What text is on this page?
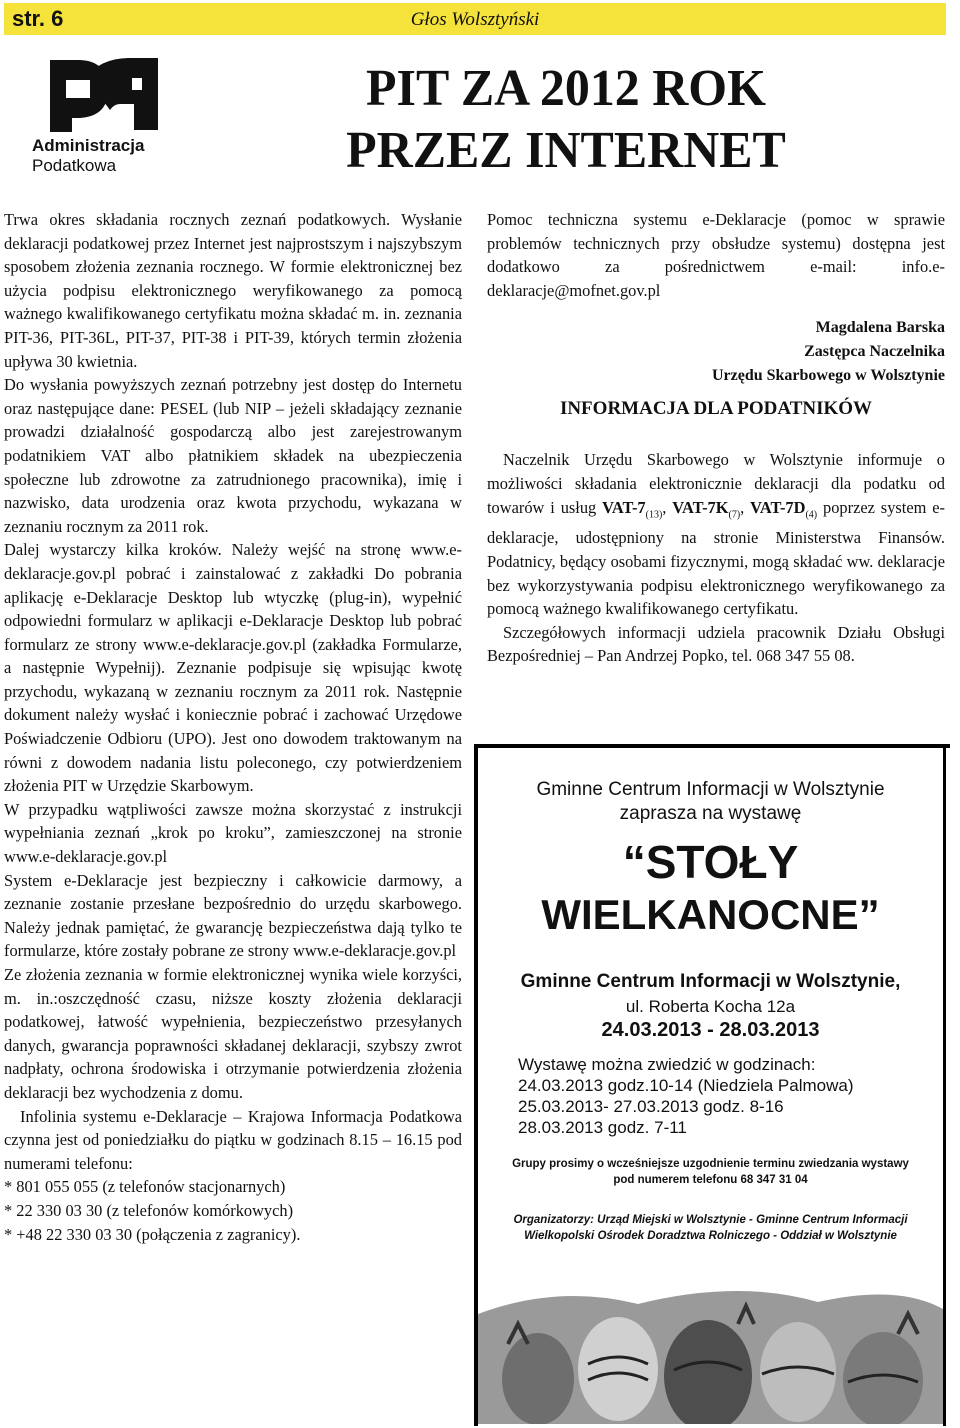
str. 6	Głos Wolsztyński
Administracja
Podatkowa
PIT ZA 2012 ROK
PRZEZ INTERNET

Trwa okres składania rocznych zeznań podatkowych. Wysłanie deklaracji podatkowej przez Internet jest najprostszym i najszybszym sposobem złożenia zeznania rocznego. W formie elektronicznej bez użycia podpisu elektronicznego weryfikowanego za pomocą ważnego kwalifikowanego certyfikatu można składać m. in. zeznania PIT-36, PIT-36L, PIT-37, PIT-38 i PIT-39, których termin złożenia upływa 30 kwietnia.

Do wysłania powyższych zeznań potrzebny jest dostęp do Internetu oraz następujące dane: PESEL (lub NIP – jeżeli składający zeznanie prowadzi działalność gospodarczą albo jest zarejestrowanym podatnikiem VAT albo płatnikiem składek na ubezpieczenia społeczne lub zdrowotne za zatrudnionego pracownika), imię i nazwisko, data urodzenia oraz kwota przychodu, wykazana w zeznaniu rocznym za 2011 rok.

Dalej wystarczy kilka kroków. Należy wejść na stronę www.e-deklaracje.gov.pl pobrać i zainstalować z zakładki Do pobrania aplikację e-Deklaracje Desktop lub wtyczkę (plug-in), wypełnić odpowiedni formularz w aplikacji e-Deklaracje Desktop lub pobrać formularz ze strony www.e-deklaracje.gov.pl (zakładka Formularze, a następnie Wypełnij). Zeznanie podpisuje się wpisując kwotę przychodu, wykazaną w zeznaniu rocznym za 2011 rok. Następnie dokument należy wysłać i koniecznie pobrać i zachować Urzędowe Poświadczenie Odbioru (UPO). Jest ono dowodem traktowanym na równi z dowodem nadania listu poleconego, czy potwierdzeniem złożenia PIT w Urzędzie Skarbowym.

W przypadku wątpliwości zawsze można skorzystać z instrukcji wypełniania zeznań „krok po kroku”, zamieszczonej na stronie www.e-deklaracje.gov.pl

System e-Deklaracje jest bezpieczny i całkowicie darmowy, a zeznanie zostanie przesłane bezpośrednio do urzędu skarbowego. Należy jednak pamiętać, że gwarancję bezpieczeństwa dają tylko te formularze, które zostały pobrane ze strony www.e-deklaracje.gov.pl

Ze złożenia zeznania w formie elektronicznej wynika wiele korzyści, m. in.:oszczędność czasu, niższe koszty złożenia deklaracji podatkowej, łatwość wypełnienia, bezpieczeństwo przesyłanych danych, gwarancja poprawności składanej deklaracji, szybszy zwrot nadpłaty, ochrona środowiska i otrzymanie potwierdzenia złożenia deklaracji bez wychodzenia z domu.

Infolinia systemu e-Deklaracje – Krajowa Informacja Podatkowa czynna jest od poniedziałku do piątku w godzinach 8.15 – 16.15 pod numerami telefonu:

* 801 055 055 (z telefonów stacjonarnych)

* 22 330 03 30 (z telefonów komórkowych)

* +48 22 330 03 30 (połączenia z zagranicy).

Pomoc techniczna systemu e-Deklaracje (pomoc w sprawie problemów technicznych przy obsłudze systemu) dostępna jest dodatkowo za pośrednictwem e-mail: info.e-deklaracje@mofnet.gov.pl

Magdalena Barska
Zastępca Naczelnika
Urzędu Skarbowego w Wolsztynie
INFORMACJA DLA PODATNIKÓW

Naczelnik Urzędu Skarbowego w Wolsztynie informuje o możliwości składania elektronicznie deklaracji dla podatku od towarów i usług VAT-$7_{(13)}$, VAT-$7K_{(7)}$, VAT-$7D_{(4)}$ poprzez system e-deklaracje, udostępniony na stronie Ministerstwa Finansów. Podatnicy, będący osobami fizycznymi, mogą składać ww. deklaracje bez wykorzystywania podpisu elektronicznego weryfikowanego za pomocą ważnego kwalifikowanego certyfikatu.

Szczegółowych informacji udziela pracownik Działu Obsługi Bezpośredniej – Pan Andrzej Popko, tel. 068 347 55 08.

Gminne Centrum Informacji w Wolsztynie
zaprasza na wystawę
“STOŁY
WIELKANOCNE”
Gminne Centrum Informacji w Wolsztynie,
ul. Roberta Kocha 12a
24.03.2013 - 28.03.2013
Wystawę można zwiedzić w godzinach:
24.03.2013 godz.10-14 (Niedziela Palmowa)
25.03.2013- 27.03.2013 godz. 8-16
28.03.2013 godz. 7-11
Grupy prosimy o wcześniejsze uzgodnienie terminu zwiedzania wystawy
pod numerem telefonu 68 347 31 04
Organizatorzy: Urząd Miejski w Wolsztynie - Gminne Centrum Informacji
Wielkopolski Ośrodek Doradztwa Rolniczego - Oddział w Wolsztynie
